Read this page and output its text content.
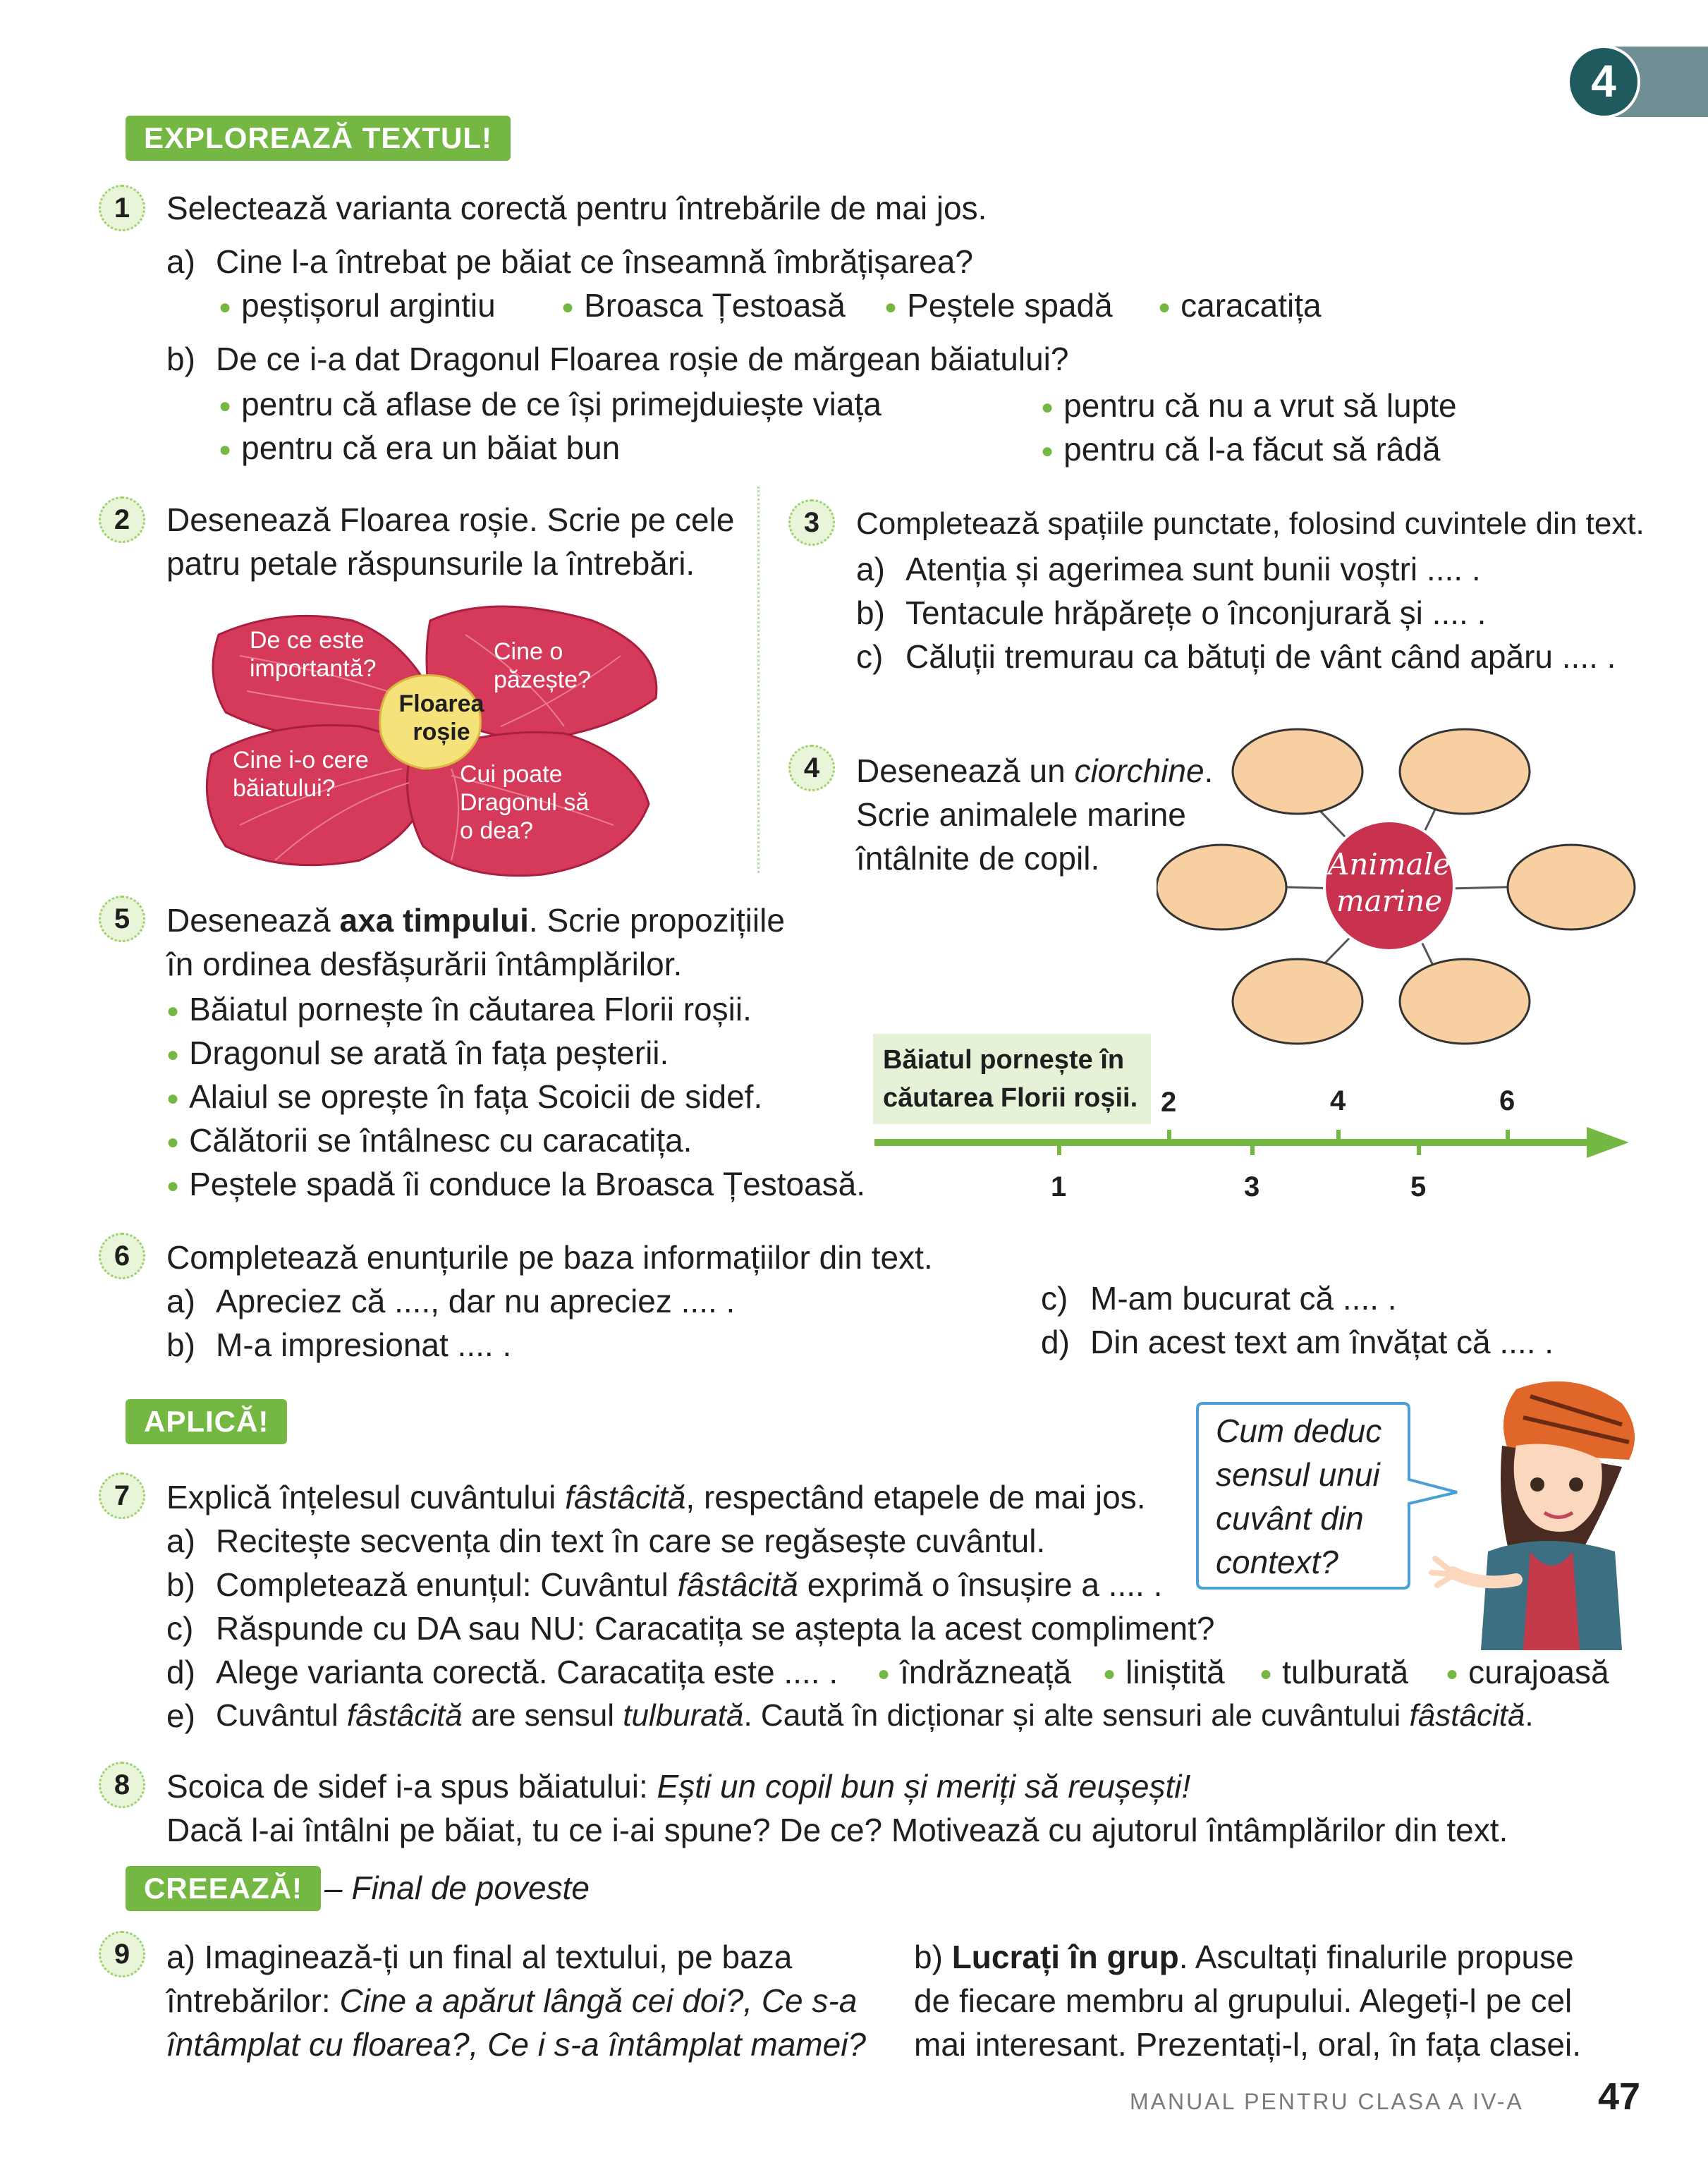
4
EXPLOREAZĂ TEXTUL!
1	Selectează varianta corectă pentru întrebările de mai jos.
a) Cine l-a întrebat pe băiat ce înseamnă îmbrățișarea?
● peștișorul argintiu	● Broasca Țestoasă ● Peștele spadă ● caracatița
b) De ce i-a dat Dragonul Floarea roșie de mărgean băiatului?
● pentru că aflase de ce își primejduiește viața	● pentru că nu a vrut să lupte
● pentru că era un băiat bun	● pentru că l-a făcut să râdă
2	Desenează Floarea roșie. Scrie pe cele
patru petale răspunsurile la întrebări.
Floarea
roșie
De ce este
importantă?
Cine o
păzește?
Cine i-o cere
băiatului?
Cui poate
Dragonul să
o dea?
3	Completează spațiile punctate, folosind cuvintele din text.
a) Atenția și agerimea sunt bunii voștri .... .
b) Tentacule hrăpărețe o înconjurară și .... .
c) Căluții tremurau ca bătuți de vânt când apăru .... .
4	Desenează un ciorchine.
Scrie animalele marine
întâlnite de copil.	Animale
marine
5	Desenează axa timpului. Scrie propozițiile
în ordinea desfășurării întâmplărilor.
● Băiatul pornește în căutarea Florii roșii.
● Dragonul se arată în fața peșterii.
● Alaiul se oprește în fața Scoicii de sidef.
● Călătorii se întâlnesc cu caracatița.
● Peștele spadă îi conduce la Broasca Țestoasă.
Băiatul pornește în
căutarea Florii roșii. 2	4	6
1	3	5
6	Completează enunțurile pe baza informațiilor din text.
a) Apreciez că ...., dar nu apreciez .... .
b) M-a impresionat .... .
c) M-am bucurat că .... .
d) Din acest text am învățat că .... .
APLICĂ!	Cum deduc
sensul unui
cuvânt din
context?
7	Explică înțelesul cuvântului fâstâcită, respectând etapele de mai jos.
a) Recitește secvența din text în care se regăsește cuvântul.
b) Completează enunțul: Cuvântul fâstâcită exprimă o însușire a .... .
c) Răspunde cu DA sau NU: Caracatița se aștepta la acest compliment?
d) Alege varianta corectă. Caracatița este .... . ● îndrăzneață ● liniștită ● tulburată ● curajoasă
e) Cuvântul fâstâcită are sensul tulburată. Caută în dicționar și alte sensuri ale cuvântului fâstâcită.
8	Scoica de sidef i-a spus băiatului: Ești un copil bun și meriți să reușești!
Dacă l-ai întâlni pe băiat, tu ce i-ai spune? De ce? Motivează cu ajutorul întâmplărilor din text.
CREEAZĂ! – Final de poveste
9	a) Imaginează-ți un final al textului, pe baza
întrebărilor: Cine a apărut lângă cei doi?, Ce s-a
întâmplat cu floarea?, Ce i s-a întâmplat mamei?
b) Lucrați în grup. Ascultați finalurile propuse
de fiecare membru al grupului. Alegeți-l pe cel
mai interesant. Prezentați-l, oral, în fața clasei.
MANUAL PENTRU CLASA A IV-A 47
